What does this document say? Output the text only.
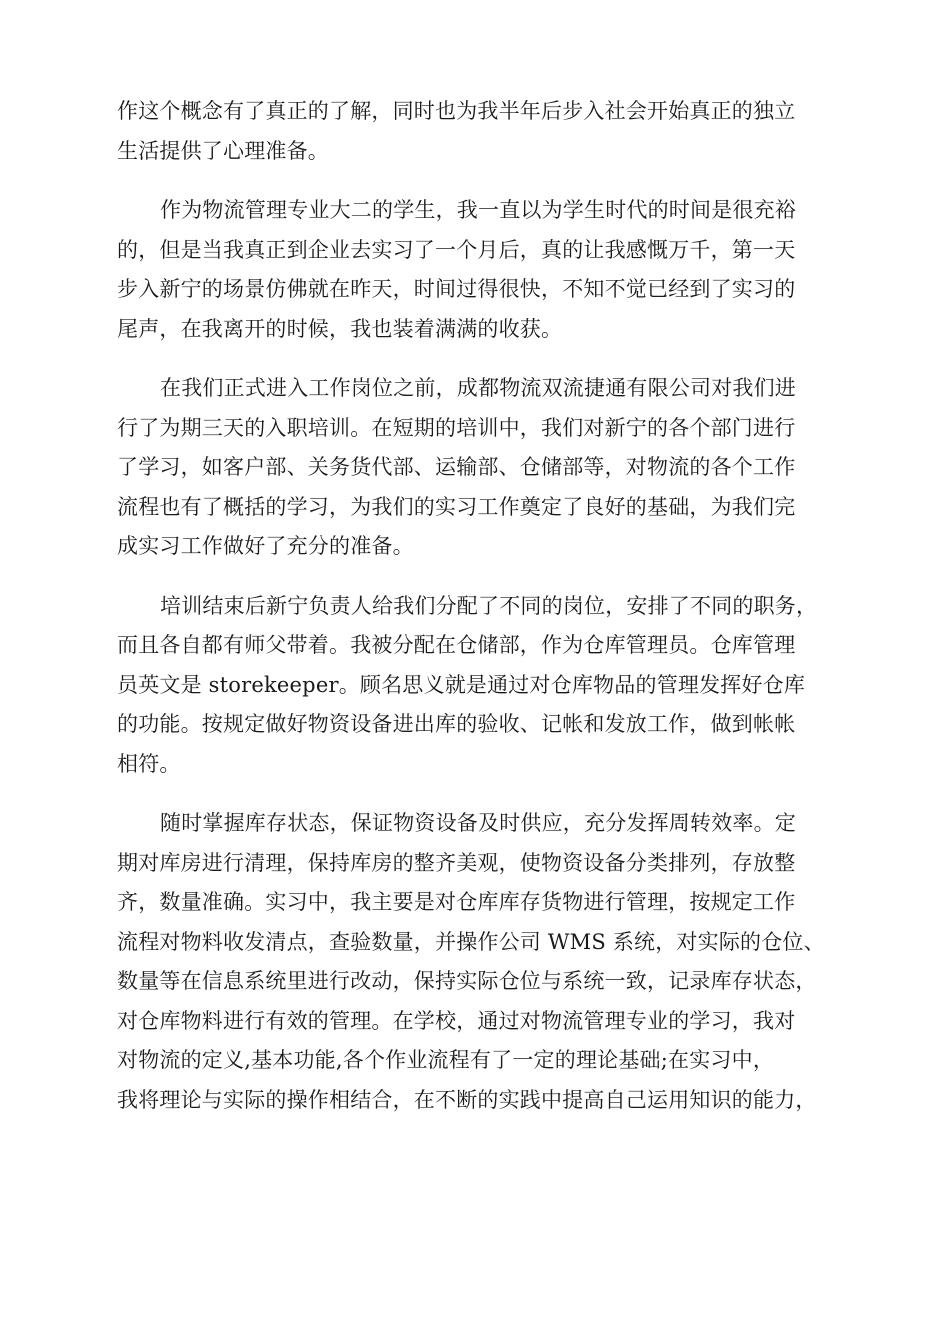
作这个概念有了真正的了解，同时也为我半年后步入社会开始真正的独立
生活提供了心理准备。

作为物流管理专业大二的学生，我一直以为学生时代的时间是很充裕
的，但是当我真正到企业去实习了一个月后，真的让我感慨万千，第一天
步入新宁的场景仿佛就在昨天，时间过得很快，不知不觉已经到了实习的
尾声，在我离开的时候，我也装着满满的收获。

在我们正式进入工作岗位之前，成都物流双流捷通有限公司对我们进
行了为期三天的入职培训。在短期的培训中，我们对新宁的各个部门进行
了学习，如客户部、关务货代部、运输部、仓储部等，对物流的各个工作
流程也有了概括的学习，为我们的实习工作奠定了良好的基础，为我们完
成实习工作做好了充分的准备。

培训结束后新宁负责人给我们分配了不同的岗位，安排了不同的职务，
而且各自都有师父带着。我被分配在仓储部，作为仓库管理员。仓库管理
员英文是 storekeeper。顾名思义就是通过对仓库物品的管理发挥好仓库
的功能。按规定做好物资设备进出库的验收、记帐和发放工作，做到帐帐
相符。

随时掌握库存状态，保证物资设备及时供应，充分发挥周转效率。定
期对库房进行清理，保持库房的整齐美观，使物资设备分类排列，存放整
齐，数量准确。实习中，我主要是对仓库库存货物进行管理，按规定工作
流程对物料收发清点，查验数量，并操作公司 WMS 系统，对实际的仓位、
数量等在信息系统里进行改动，保持实际仓位与系统一致，记录库存状态，
对仓库物料进行有效的管理。在学校，通过对物流管理专业的学习，我对
对物流的定义,基本功能,各个作业流程有了一定的理论基础;在实习中，
我将理论与实际的操作相结合，在不断的实践中提高自己运用知识的能力，
